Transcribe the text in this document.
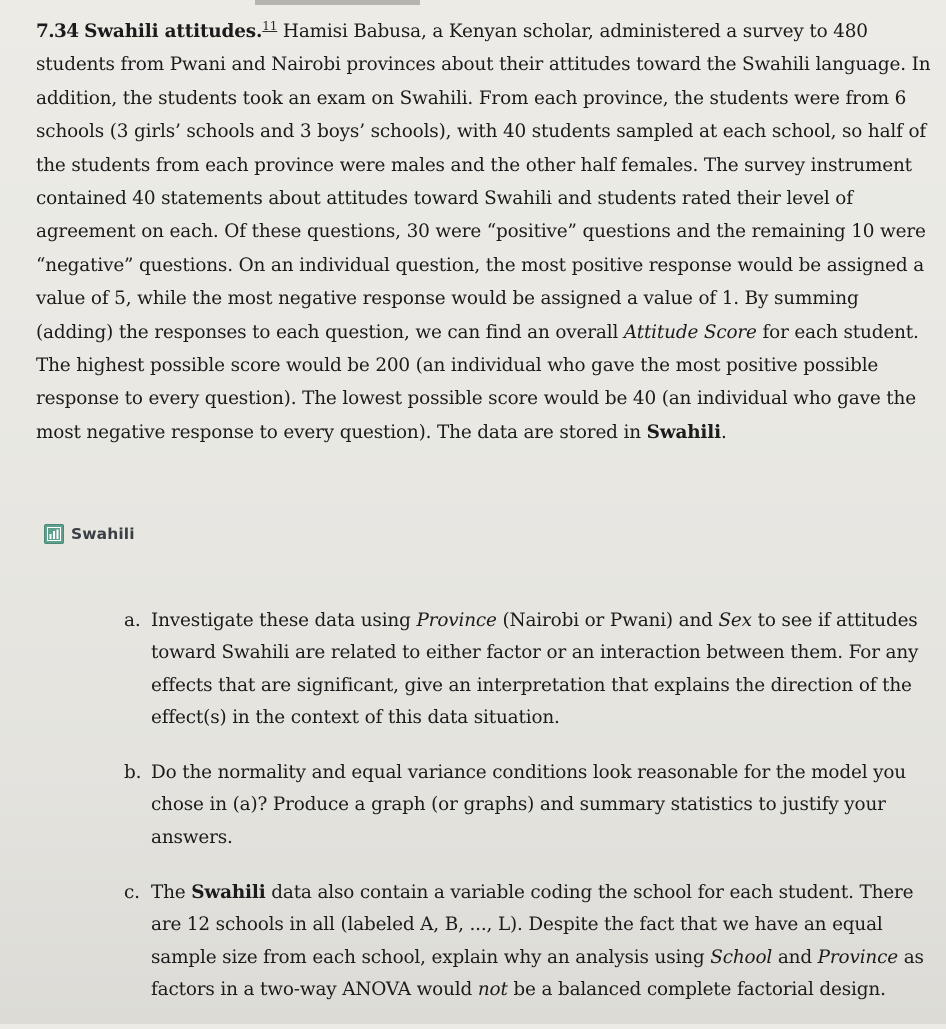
7.34 Swahili attitudes.$^{11}$ Hamisi Babusa, a Kenyan scholar, administered a survey to 480 students from Pwani and Nairobi provinces about their attitudes toward the Swahili language. In addition, the students took an exam on Swahili. From each province, the students were from 6 schools (3 girls’ schools and 3 boys’ schools), with 40 students sampled at each school, so half of the students from each province were males and the other half females. The survey instrument contained 40 statements about attitudes toward Swahili and students rated their level of agreement on each. Of these questions, 30 were “positive” questions and the remaining 10 were “negative” questions. On an individual question, the most positive response would be assigned a value of 5, while the most negative response would be assigned a value of 1. By summing (adding) the responses to each question, we can find an overall Attitude Score for each student. The highest possible score would be 200 (an individual who gave the most positive possible response to every question). The lowest possible score would be 40 (an individual who gave the most negative response to every question). The data are stored in Swahili.
Swahili
a. Investigate these data using Province (Nairobi or Pwani) and Sex to see if attitudes toward Swahili are related to either factor or an interaction between them. For any effects that are significant, give an interpretation that explains the direction of the effect(s) in the context of this data situation.
b. Do the normality and equal variance conditions look reasonable for the model you chose in (a)? Produce a graph (or graphs) and summary statistics to justify your answers.
c. The Swahili data also contain a variable coding the school for each student. There are 12 schools in all (labeled A, B, ..., L). Despite the fact that we have an equal sample size from each school, explain why an analysis using School and Province as factors in a two-way ANOVA would not be a balanced complete factorial design.
